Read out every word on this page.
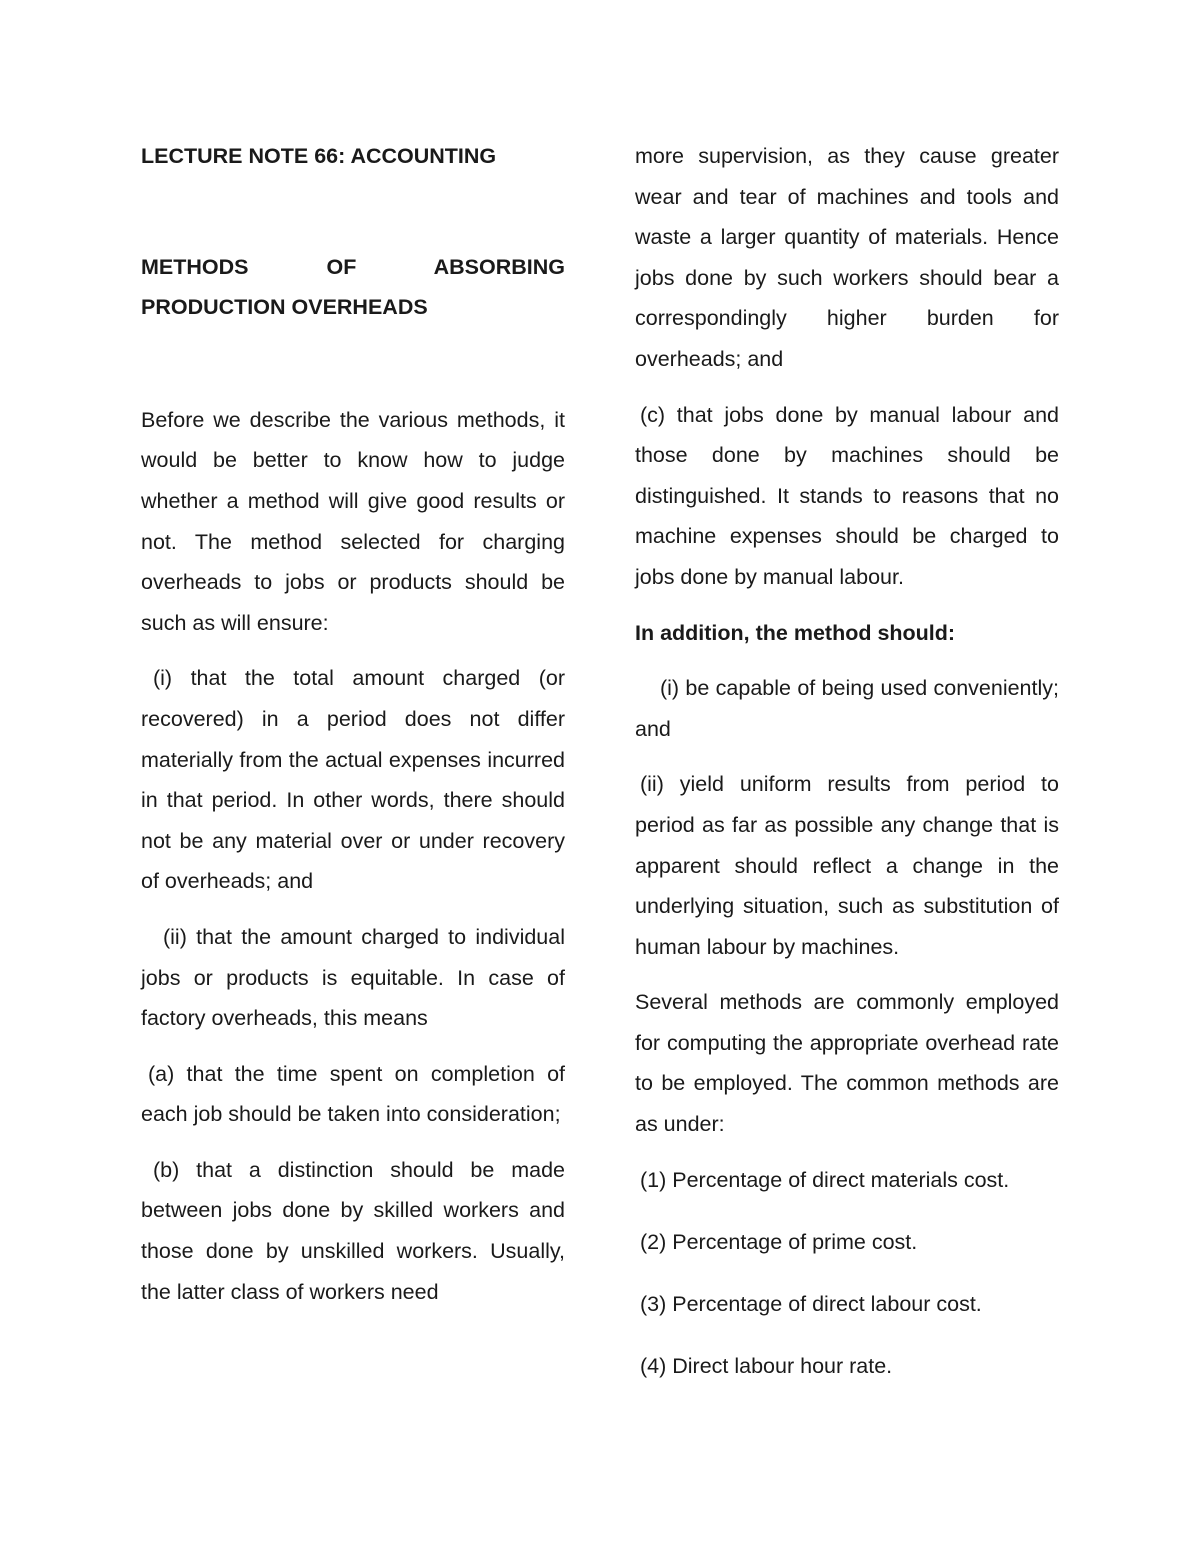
LECTURE NOTE 66: ACCOUNTING

METHODS OF ABSORBING PRODUCTION OVERHEADS

Before we describe the various methods, it would be better to know how to judge whether a method will give good results or not. The method selected for charging overheads to jobs or products should be such as will ensure:

(i) that the total amount charged (or recovered) in a period does not differ materially from the actual expenses incurred in that period. In other words, there should not be any material over or under recovery of overheads; and

(ii) that the amount charged to individual jobs or products is equitable. In case of factory overheads, this means

(a) that the time spent on completion of each job should be taken into consideration;

(b) that a distinction should be made between jobs done by skilled workers and those done by unskilled workers. Usually, the latter class of workers need

more supervision, as they cause greater wear and tear of machines and tools and waste a larger quantity of materials. Hence jobs done by such workers should bear a correspondingly higher burden for overheads; and

(c) that jobs done by manual labour and those done by machines should be distinguished. It stands to reasons that no machine expenses should be charged to jobs done by manual labour.

In addition, the method should:

(i) be capable of being used conveniently; and

(ii) yield uniform results from period to period as far as possible any change that is apparent should reflect a change in the underlying situation, such as substitution of human labour by machines.

Several methods are commonly employed for computing the appropriate overhead rate to be employed. The common methods are as under:

(1) Percentage of direct materials cost.

(2) Percentage of prime cost.

(3) Percentage of direct labour cost.

(4) Direct labour hour rate.
